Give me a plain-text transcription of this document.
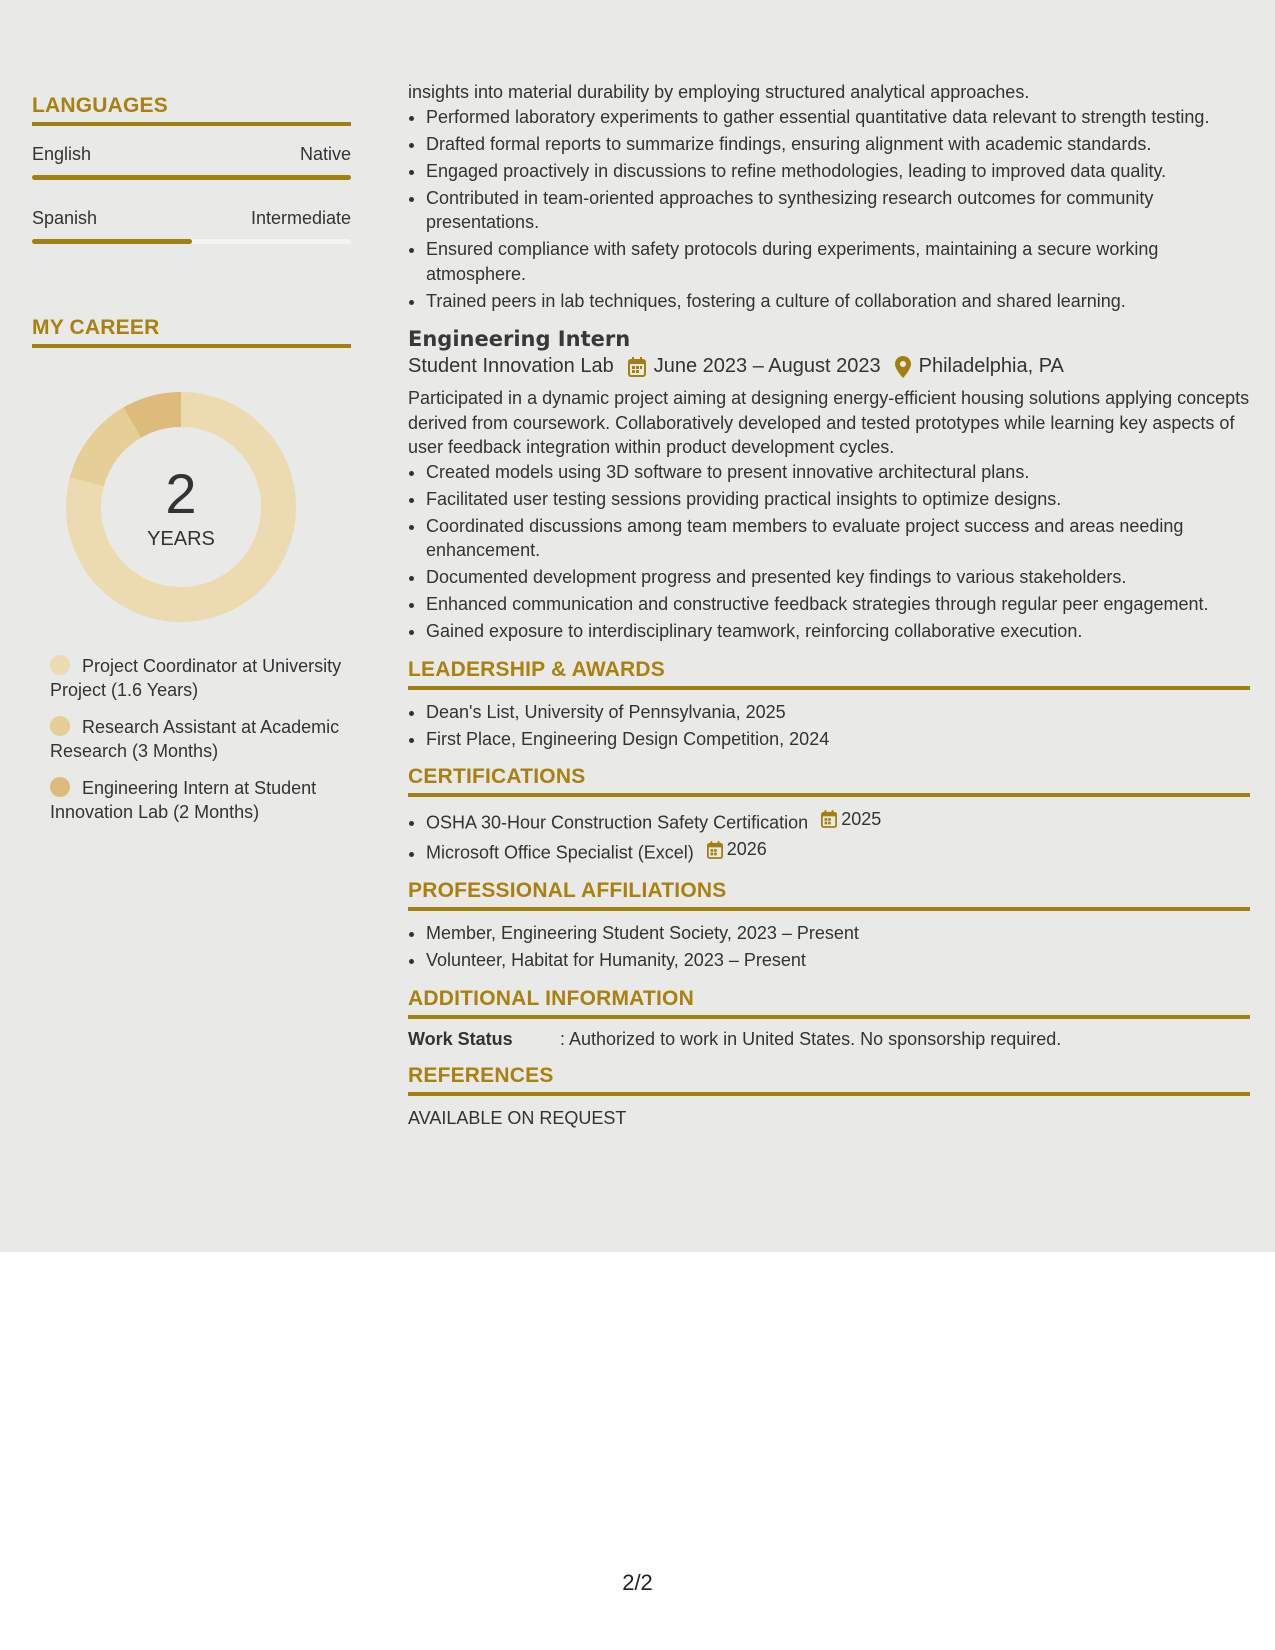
LANGUAGES
English	Native
Spanish	Intermediate
MY CAREER
2
YEARS
Project Coordinator at University Project (1.6 Years)
Research Assistant at Academic Research (3 Months)
Engineering Intern at Student Innovation Lab (2 Months)

insights into material durability by employing structured analytical approaches.

• Performed laboratory experiments to gather essential quantitative data relevant to strength testing.
• Drafted formal reports to summarize findings, ensuring alignment with academic standards.
• Engaged proactively in discussions to refine methodologies, leading to improved data quality.
• Contributed in team-oriented approaches to synthesizing research outcomes for community presentations.
• Ensured compliance with safety protocols during experiments, maintaining a secure working atmosphere.
• Trained peers in lab techniques, fostering a culture of collaboration and shared learning.
Engineering Intern
Student Innovation Lab June 2023 – August 2023 Philadelphia, PA

Participated in a dynamic project aiming at designing energy-efficient housing solutions applying concepts derived from coursework. Collaboratively developed and tested prototypes while learning key aspects of user feedback integration within product development cycles.

• Created models using 3D software to present innovative architectural plans.
• Facilitated user testing sessions providing practical insights to optimize designs.
• Coordinated discussions among team members to evaluate project success and areas needing enhancement.
• Documented development progress and presented key findings to various stakeholders.
• Enhanced communication and constructive feedback strategies through regular peer engagement.
• Gained exposure to interdisciplinary teamwork, reinforcing collaborative execution.
LEADERSHIP & AWARDS
• Dean's List, University of Pennsylvania, 2025
• First Place, Engineering Design Competition, 2024
CERTIFICATIONS
• OSHA 30-Hour Construction Safety Certification 2025
• Microsoft Office Specialist (Excel) 2026
PROFESSIONAL AFFILIATIONS
• Member, Engineering Student Society, 2023 – Present
• Volunteer, Habitat for Humanity, 2023 – Present
ADDITIONAL INFORMATION
Work Status	: Authorized to work in United States. No sponsorship required.
REFERENCES
AVAILABLE ON REQUEST
2/2
